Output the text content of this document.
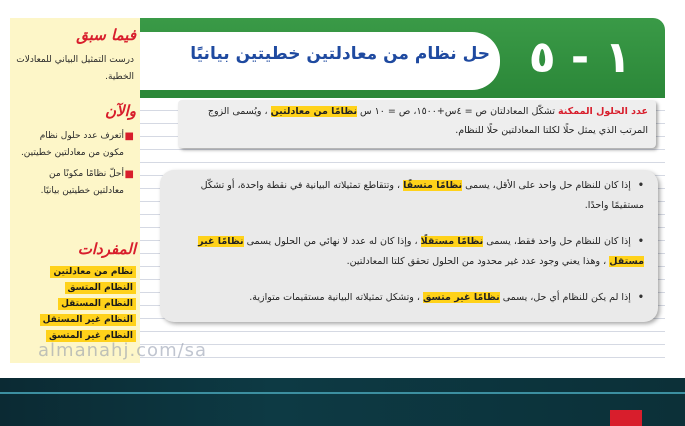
فيما سبق
درست التمثيل البياني للمعادلات الخطية.
والآن
■
أتعرف عدد حلول نظام مكون من معادلتين خطيتين.
■
أحلّ نظامًا مكونًا من معادلتين خطيتين بيانيًا.
المفردات
نظام من معادلتين
النظام المتسق
النظام المستقل
النظام غير المستقل
النظام غير المتسق
١ - ٥
حل نظام من معادلتين خطيتين بيانيًا
عدد الحلول الممكنة تشكّل المعادلتان ص = ٤س+١٥٠٠، ص = ١٠ س نظامًا من معادلتين ، ويُسمى الزوج المرتب الذي يمثل حلًا لكلتا المعادلتين حلًا للنظام.
• إذا كان للنظام حل واحد على الأقل، يسمى نظامًا متسقًا ، وتتقاطع تمثيلاته البيانية في نقطة واحدة، أو تشكّل مستقيمًا واحدًا.
• إذا كان للنظام حل واحد فقط، يسمى نظامًا مستقلًا ، وإذا كان له عدد لا نهائي من الحلول يسمى نظامًا غير مستقل ، وهذا يعني وجود عدد غير محدود من الحلول تحقق كلتا المعادلتين.
• إذا لم يكن للنظام أي حل، يسمى نظامًا غير متسق ، وتشكل تمثيلاته البيانية مستقيمات متوازية.
almanahj.com/sa
